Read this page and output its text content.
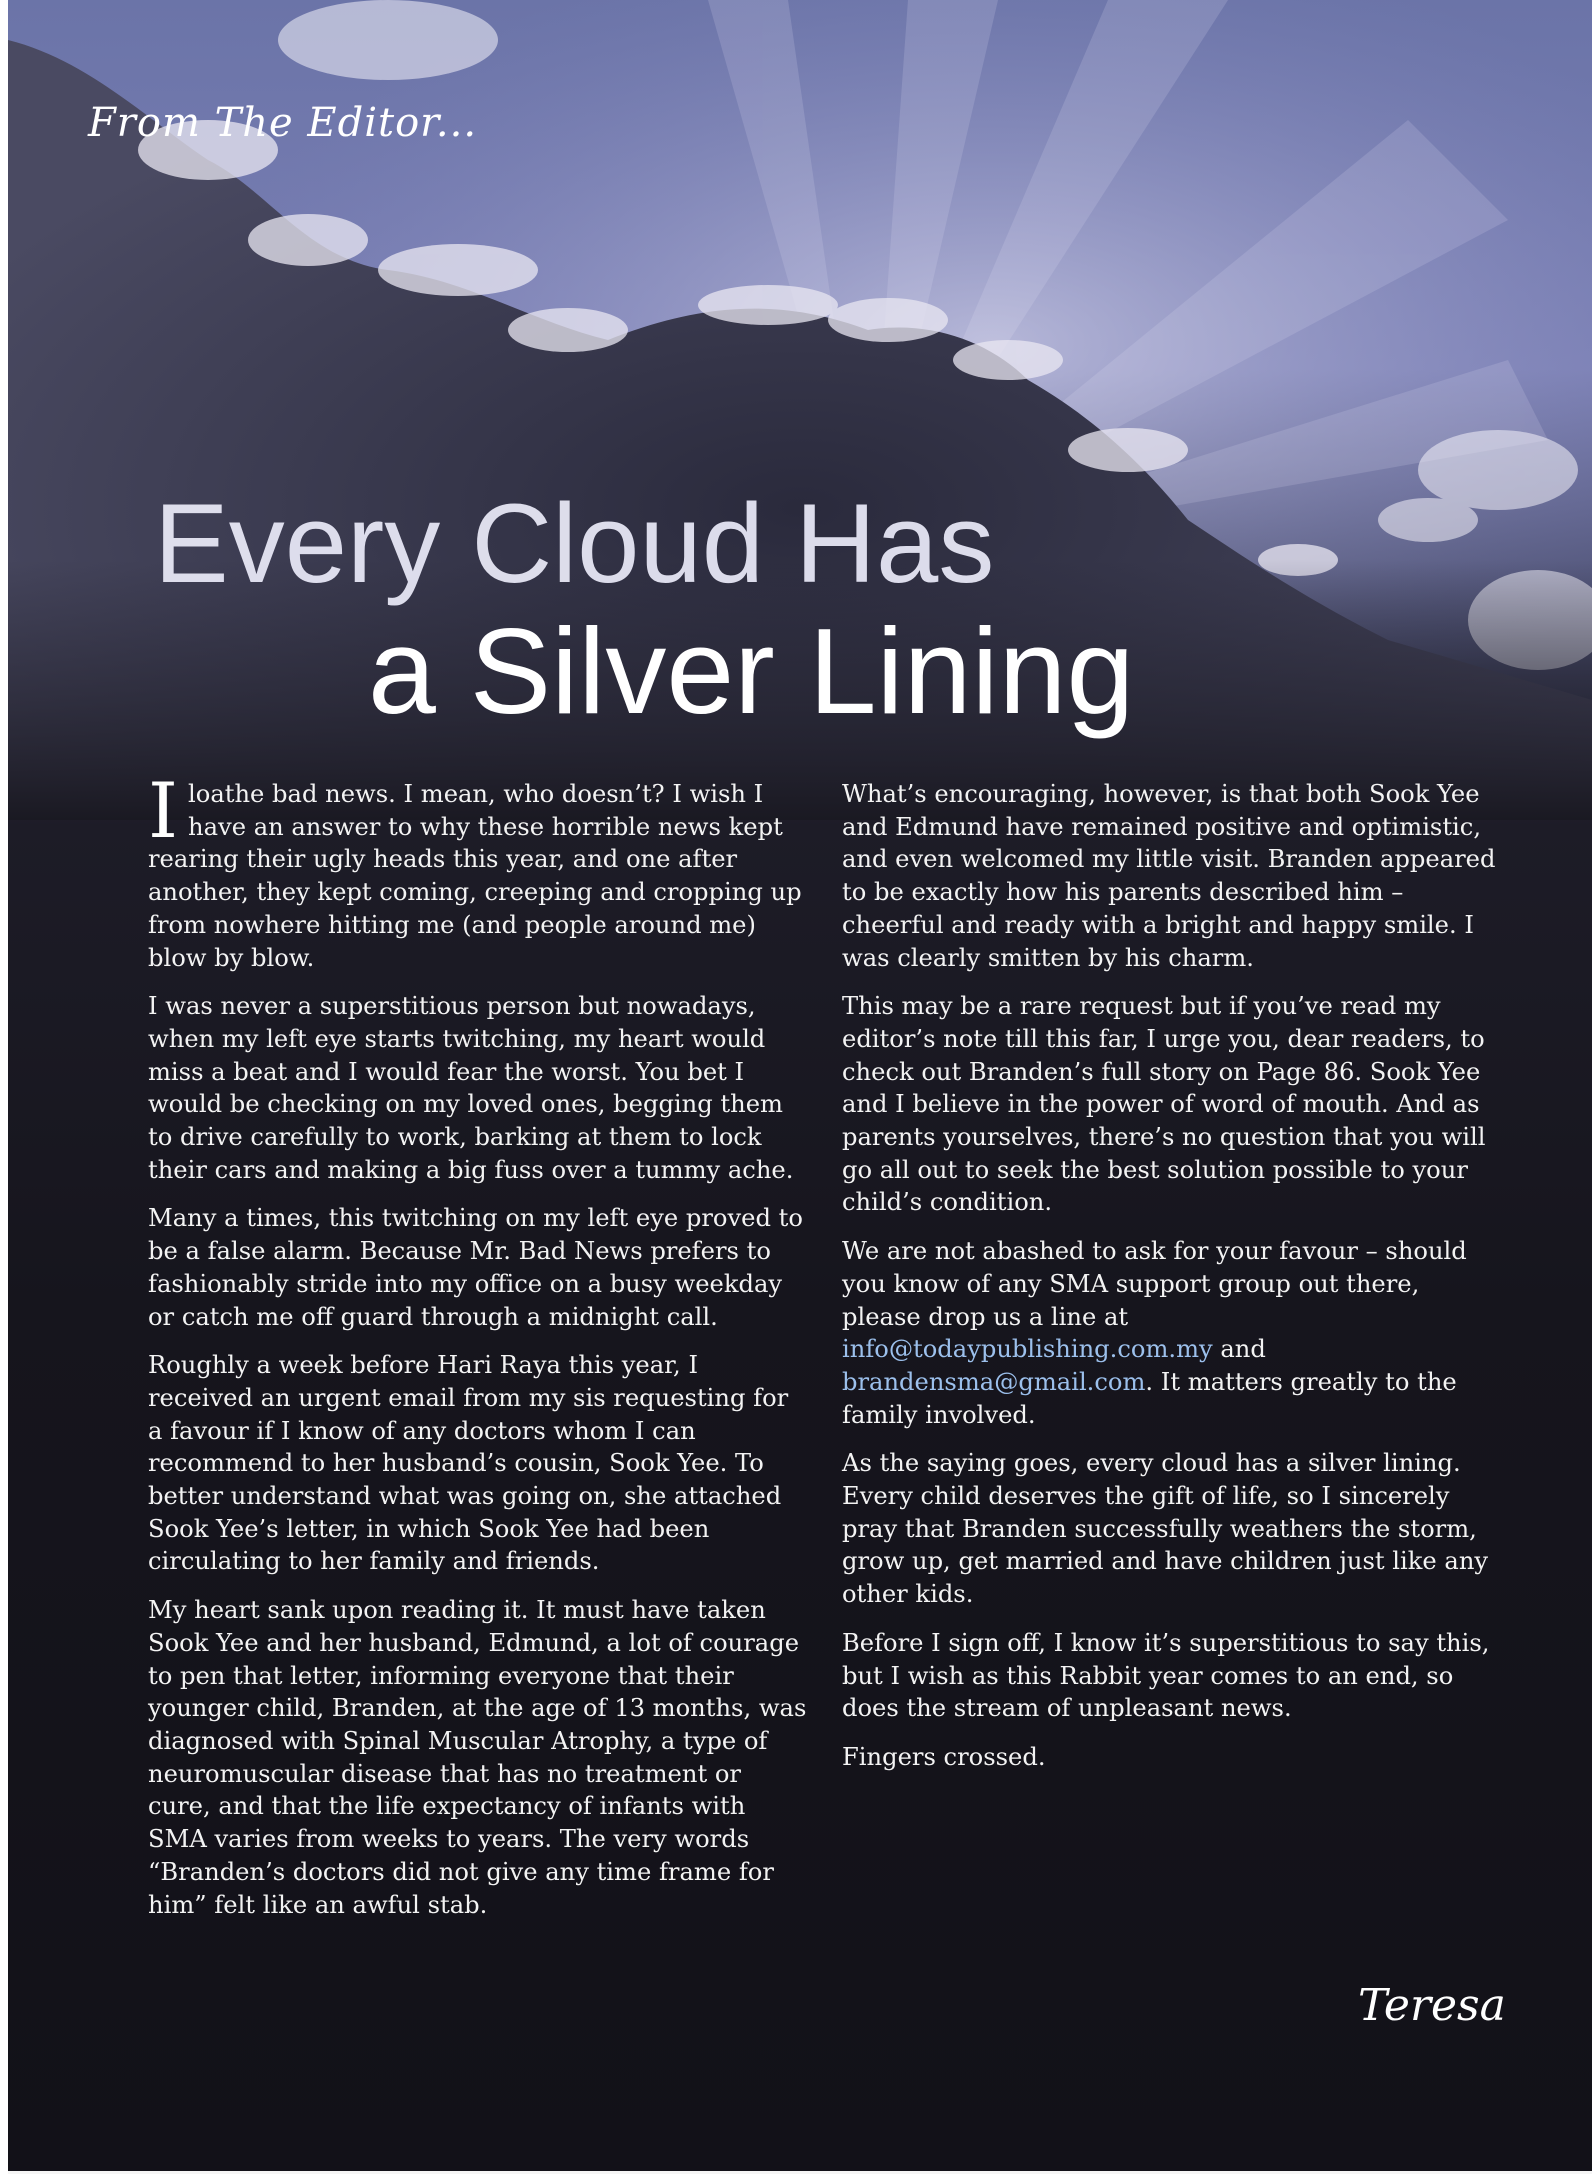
From The Editor...
Every Cloud Has
a Silver Lining

I loathe bad news. I mean, who doesn’t? I wish I have an answer to why these horrible news kept rearing their ugly heads this year, and one after another, they kept coming, creeping and cropping up from nowhere hitting me (and people around me) blow by blow.

I was never a superstitious person but nowadays, when my left eye starts twitching, my heart would miss a beat and I would fear the worst. You bet I would be checking on my loved ones, begging them to drive carefully to work, barking at them to lock their cars and making a big fuss over a tummy ache.

Many a times, this twitching on my left eye proved to be a false alarm. Because Mr. Bad News prefers to fashionably stride into my office on a busy weekday or catch me off guard through a midnight call.

Roughly a week before Hari Raya this year, I received an urgent email from my sis requesting for a favour if I know of any doctors whom I can recommend to her husband’s cousin, Sook Yee. To better understand what was going on, she attached Sook Yee’s letter, in which Sook Yee had been circulating to her family and friends.

My heart sank upon reading it. It must have taken Sook Yee and her husband, Edmund, a lot of courage to pen that letter, informing everyone that their younger child, Branden, at the age of 13 months, was diagnosed with Spinal Muscular Atrophy, a type of neuromuscular disease that has no treatment or cure, and that the life expectancy of infants with SMA varies from weeks to years. The very words “Branden’s doctors did not give any time frame for him” felt like an awful stab.

What’s encouraging, however, is that both Sook Yee and Edmund have remained positive and optimistic, and even welcomed my little visit. Branden appeared to be exactly how his parents described him – cheerful and ready with a bright and happy smile. I was clearly smitten by his charm.

This may be a rare request but if you’ve read my editor’s note till this far, I urge you, dear readers, to check out Branden’s full story on Page 86. Sook Yee and I believe in the power of word of mouth. And as parents yourselves, there’s no question that you will go all out to seek the best solution possible to your child’s condition.

We are not abashed to ask for your favour – should you know of any SMA support group out there, please drop us a line at info@todaypublishing.com.my and brandensma@gmail.com. It matters greatly to the family involved.

As the saying goes, every cloud has a silver lining. Every child deserves the gift of life, so I sincerely pray that Branden successfully weathers the storm, grow up, get married and have children just like any other kids.

Before I sign off, I know it’s superstitious to say this, but I wish as this Rabbit year comes to an end, so does the stream of unpleasant news.

Fingers crossed.

Teresa
